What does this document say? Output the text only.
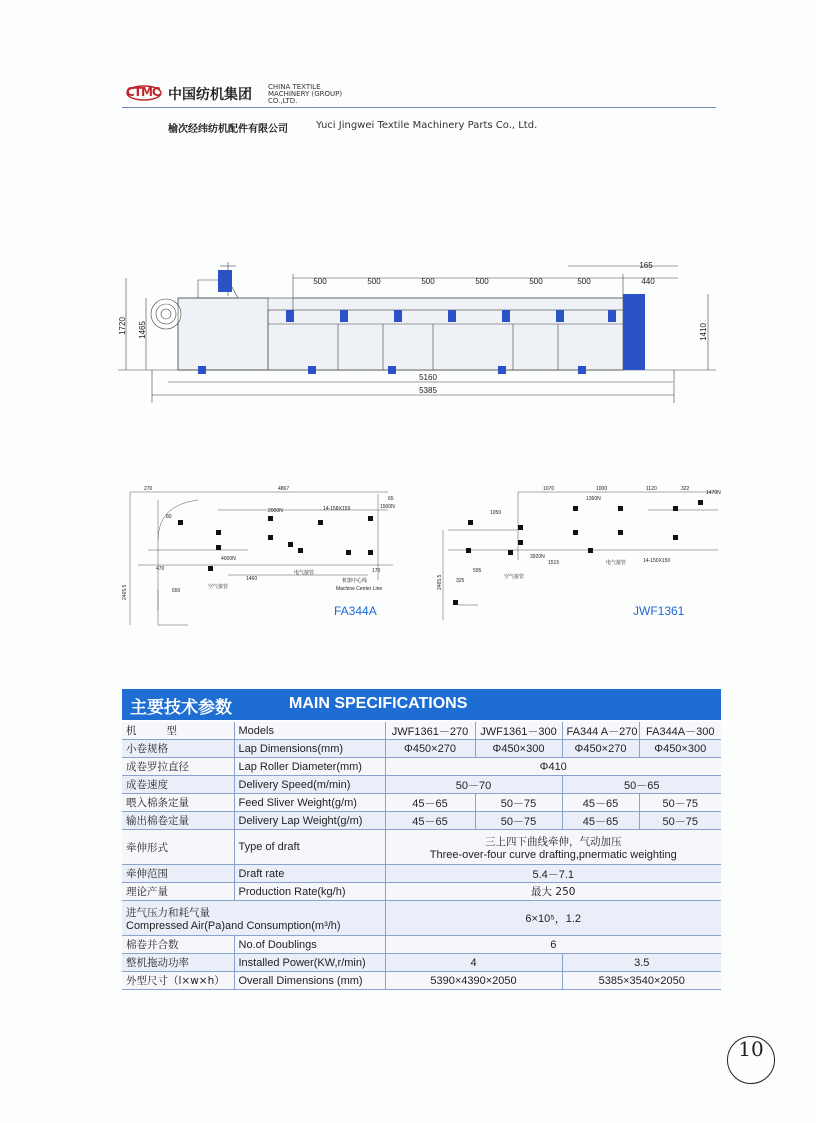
CTMC 中国纺机集团 CHINA TEXTILE MACHINERY (GROUP) CO.,LTD.
榆次经纬纺机配件有限公司	Yuci Jingwei Textile Machinery Parts Co., Ltd.
500	500	500	500	500	500	440
165
5160
5385
1720 1465	1410
270	4867
65
80
14-158X159	1500N
2000N
4000N
1460
470
650
170
电气接管
空气接管
机器中心线
Machine Center Line
2465.5
1070	1000	1120	322
1470N
1360N
1050
3920N
1515	14-150X150
325
595
电气接管
空气接管
2465.5
FA344A	JWF1361
主要技术参数	MAIN SPECIFICATIONS
机 型	Models	JWF1361－270	JWF1361－300	FA344 A－270	FA344A－300
小卷规格	Lap Dimensions(mm)	Φ450×270	Φ450×300	Φ450×270	Φ450×300
成卷罗拉直径	Lap Roller Diameter(mm)	Φ410			
成卷速度	Delivery Speed(m/min)	50－70		50－65	
喂入棉条定量	Feed Sliver Weight(g/m)	45－65	50－75	45－65	50－75
输出棉卷定量	Delivery Lap Weight(g/m)	45－65	50－75	45－65	50－75
牵伸形式	Type of draft	三上四下曲线牵伸，气动加压
Three-over-four curve drafting,pnermatic weighting			

牵伸范围	Draft rate	5.4－7.1			
理论产量	Production Rate(kg/h)	最大 250			

进气压力和耗气量
Compressed Air(Pa)and Consumption(m³/h)		6×10⁵，1.2			
棉卷并合数	No.of Doublings	6			
整机拖动功率	Installed Power(KW,r/min)	4		3.5	
外型尺寸（l×w×h）	Overall Dimensions (mm)	5390×4390×2050		5385×3540×2050	
10
